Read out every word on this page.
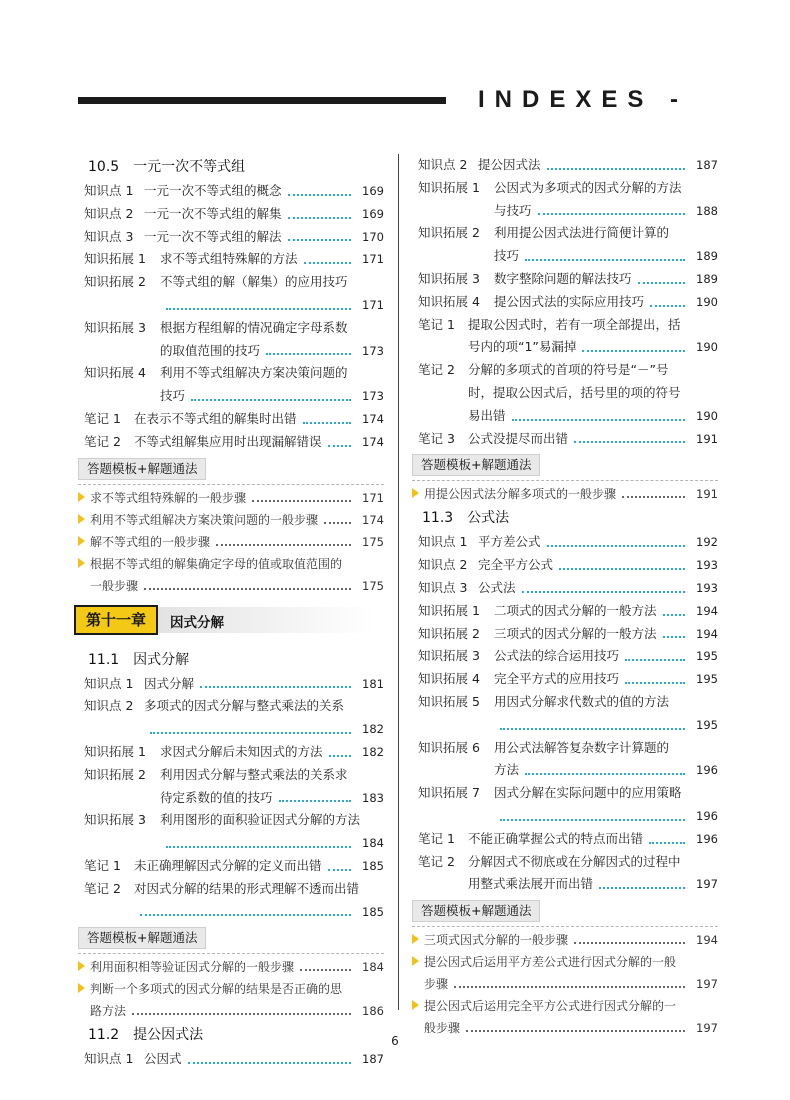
INDEXES -
10.5　一元一次不等式组
知识点 1 一元一次不等式组的概念	169
知识点 2 一元一次不等式组的解集	169
知识点 3 一元一次不等式组的解法	170
知识拓展 1 求不等式组特殊解的方法	171
知识拓展 2 不等式组的解（解集）的应用技巧
171
知识拓展 3 根据方程组解的情况确定字母系数
的取值范围的技巧	173
知识拓展 4 利用不等式组解决方案决策问题的
技巧	173
笔记 1 在表示不等式组的解集时出错	174
笔记 2 不等式组解集应用时出现漏解错误	174
答题模板+解题通法
求不等式组特殊解的一般步骤	171
利用不等式组解决方案决策问题的一般步骤	174
解不等式组的一般步骤	175
根据不等式组的解集确定字母的值或取值范围的
一般步骤	175
第十一章	因式分解
11.1　因式分解
知识点 1 因式分解	181
知识点 2 多项式的因式分解与整式乘法的关系
182
知识拓展 1 求因式分解后未知因式的方法	182
知识拓展 2 利用因式分解与整式乘法的关系求
待定系数的值的技巧	183
知识拓展 3 利用图形的面积验证因式分解的方法
184
笔记 1 未正确理解因式分解的定义而出错	185
笔记 2 对因式分解的结果的形式理解不透而出错
185
答题模板+解题通法
利用面积相等验证因式分解的一般步骤	184
判断一个多项式的因式分解的结果是否正确的思
路方法	186
11.2　提公因式法
知识点 1 公因式	187
知识点 2 提公因式法	187
知识拓展 1 公因式为多项式的因式分解的方法
与技巧	188
知识拓展 2 利用提公因式法进行简便计算的
技巧	189
知识拓展 3 数字整除问题的解法技巧	189
知识拓展 4 提公因式法的实际应用技巧	190
笔记 1 提取公因式时，若有一项全部提出，括
号内的项“1”易漏掉	190
笔记 2 分解的多项式的首项的符号是“－”号
时，提取公因式后，括号里的项的符号
易出错	190
笔记 3 公式没提尽而出错	191
答题模板+解题通法
用提公因式法分解多项式的一般步骤	191
11.3　公式法
知识点 1 平方差公式	192
知识点 2 完全平方公式	193
知识点 3 公式法	193
知识拓展 1 二项式的因式分解的一般方法	194
知识拓展 2 三项式的因式分解的一般方法	194
知识拓展 3 公式法的综合运用技巧	195
知识拓展 4 完全平方式的应用技巧	195
知识拓展 5 用因式分解求代数式的值的方法
195
知识拓展 6 用公式法解答复杂数字计算题的
方法	196
知识拓展 7 因式分解在实际问题中的应用策略
196
笔记 1 不能正确掌握公式的特点而出错	196
笔记 2 分解因式不彻底或在分解因式的过程中
用整式乘法展开而出错	197
答题模板+解题通法
三项式因式分解的一般步骤	194
提公因式后运用平方差公式进行因式分解的一般
步骤	197
提公因式后运用完全平方公式进行因式分解的一
般步骤	197
6
